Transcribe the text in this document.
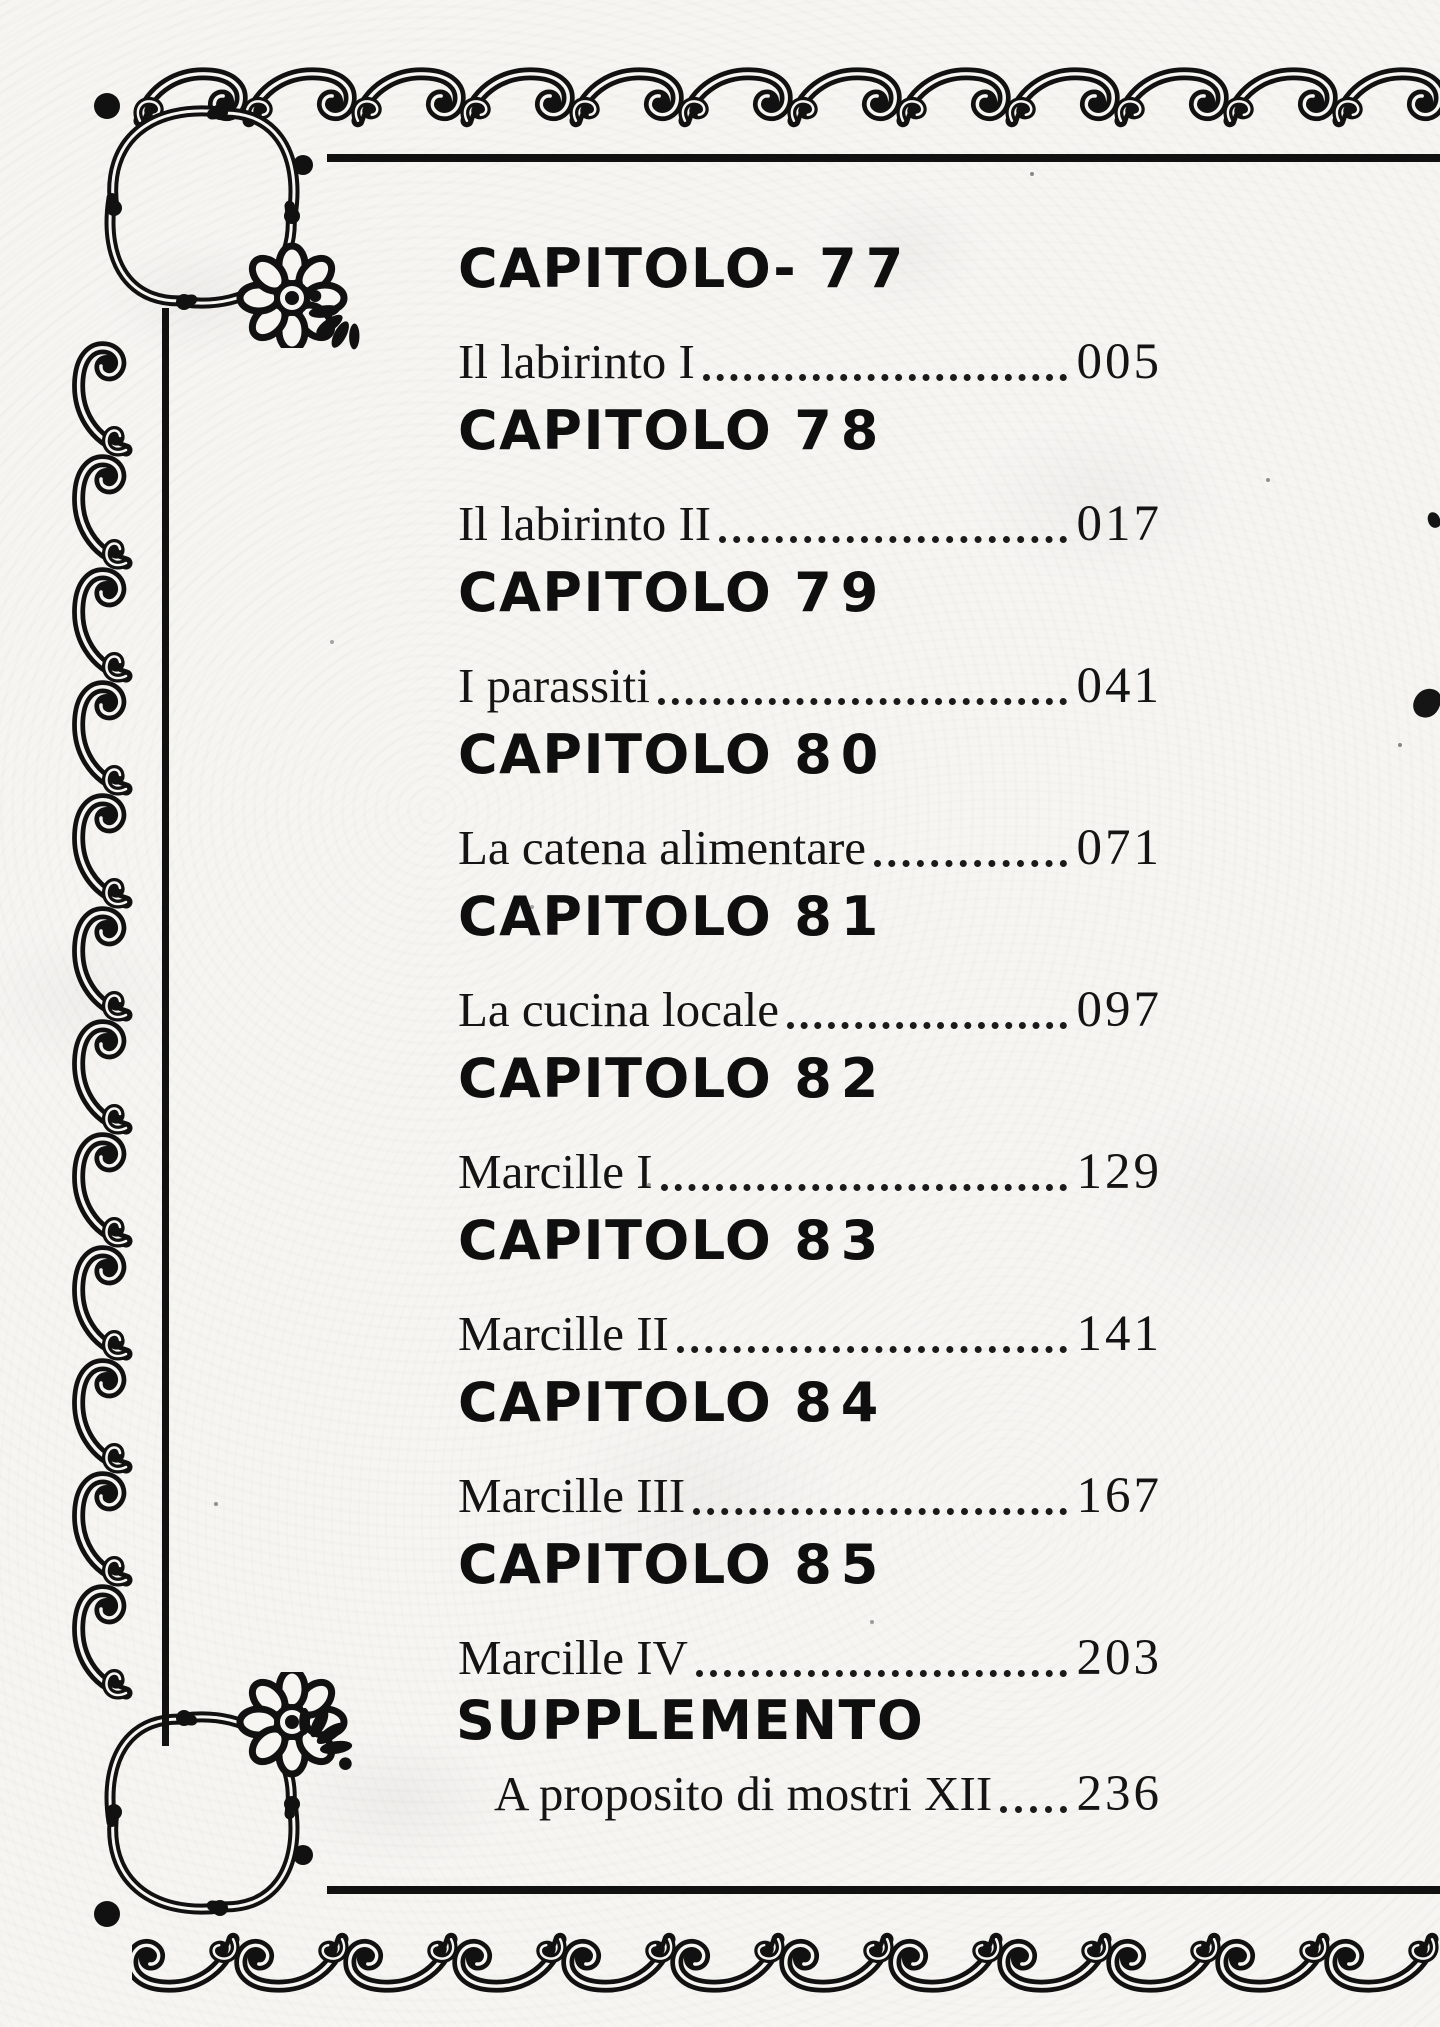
CAPITOLO- 77
Il labirinto I	005
CAPITOLO 78
Il labirinto II	017
CAPITOLO 79
I parassiti	041
CAPITOLO 80
La catena alimentare	071
CAPITOLO 81
La cucina locale	097
CAPITOLO 82
Marcille I	129
CAPITOLO 83
Marcille II	141
CAPITOLO 84
Marcille III	167
CAPITOLO 85
Marcille IV	203
SUPPLEMENTO
A proposito di mostri XII 236
